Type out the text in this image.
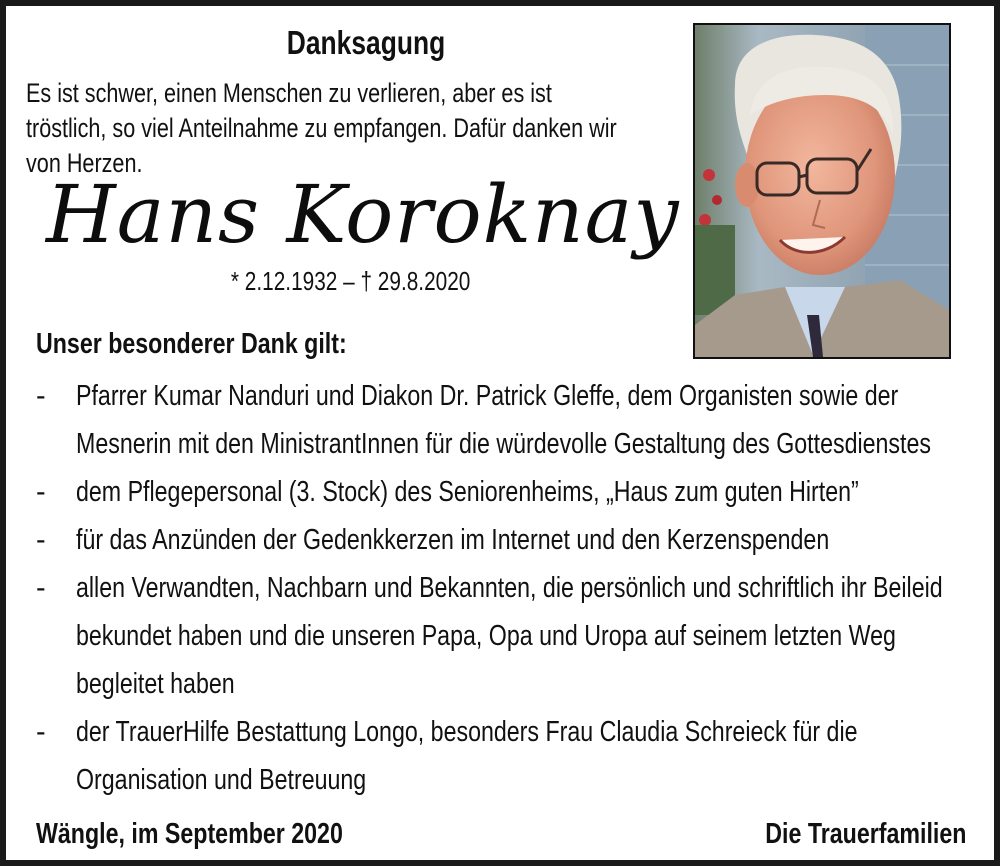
Danksagung
Es ist schwer, einen Menschen zu verlieren, aber es ist
tröstlich, so viel Anteilnahme zu empfangen. Dafür danken wir
von Herzen.
Hans Koroknay
* 2.12.1932 – † 29.8.2020
Unser besonderer Dank gilt:
- Pfarrer Kumar Nanduri und Diakon Dr. Patrick Gleffe, dem Organisten sowie der
Mesnerin mit den MinistrantInnen für die würdevolle Gestaltung des Gottesdienstes
- dem Pflegepersonal (3. Stock) des Seniorenheims, „Haus zum guten Hirten”
- für das Anzünden der Gedenkkerzen im Internet und den Kerzenspenden
- allen Verwandten, Nachbarn und Bekannten, die persönlich und schriftlich ihr Beileid
bekundet haben und die unseren Papa, Opa und Uropa auf seinem letzten Weg
begleitet haben
- der TrauerHilfe Bestattung Longo, besonders Frau Claudia Schreieck für die
Organisation und Betreuung
Wängle, im September 2020	Die Trauerfamilien
